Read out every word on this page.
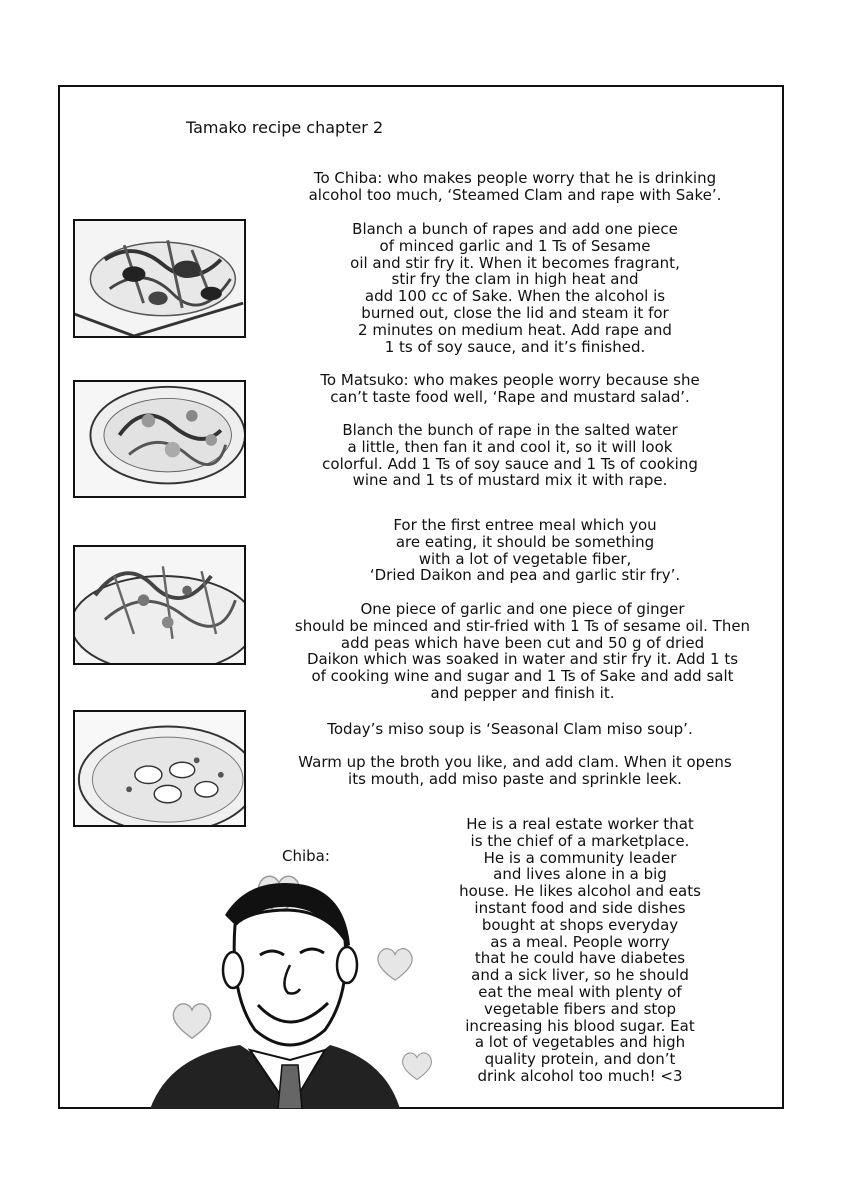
Tamako recipe chapter 2
To Chiba: who makes people worry that he is drinking
alcohol too much, ‘Steamed Clam and rape with Sake’.
Blanch a bunch of rapes and add one piece
of minced garlic and 1 Ts of Sesame
oil and stir fry it. When it becomes fragrant,
stir fry the clam in high heat and
add 100 cc of Sake. When the alcohol is
burned out, close the lid and steam it for
2 minutes on medium heat. Add rape and
1 ts of soy sauce, and it’s finished.
To Matsuko: who makes people worry because she
can’t taste food well, ‘Rape and mustard salad’.
Blanch the bunch of rape in the salted water
a little, then fan it and cool it, so it will look
colorful. Add 1 Ts of soy sauce and 1 Ts of cooking
wine and 1 ts of mustard mix it with rape.
For the first entree meal which you
are eating, it should be something
with a lot of vegetable fiber,
‘Dried Daikon and pea and garlic stir fry’.
One piece of garlic and one piece of ginger
should be minced and stir-fried with 1 Ts of sesame oil. Then
add peas which have been cut and 50 g of dried
Daikon which was soaked in water and stir fry it. Add 1 ts
of cooking wine and sugar and 1 Ts of Sake and add salt
and pepper and finish it.
Today’s miso soup is ‘Seasonal Clam miso soup’.
Warm up the broth you like, and add clam. When it opens
its mouth, add miso paste and sprinkle leek.
Chiba:
He is a real estate worker that
is the chief of a marketplace.
He is a community leader
and lives alone in a big
house. He likes alcohol and eats
instant food and side dishes
bought at shops everyday
as a meal. People worry
that he could have diabetes
and a sick liver, so he should
eat the meal with plenty of
vegetable fibers and stop
increasing his blood sugar. Eat
a lot of vegetables and high
quality protein, and don’t
drink alcohol too much! <3
